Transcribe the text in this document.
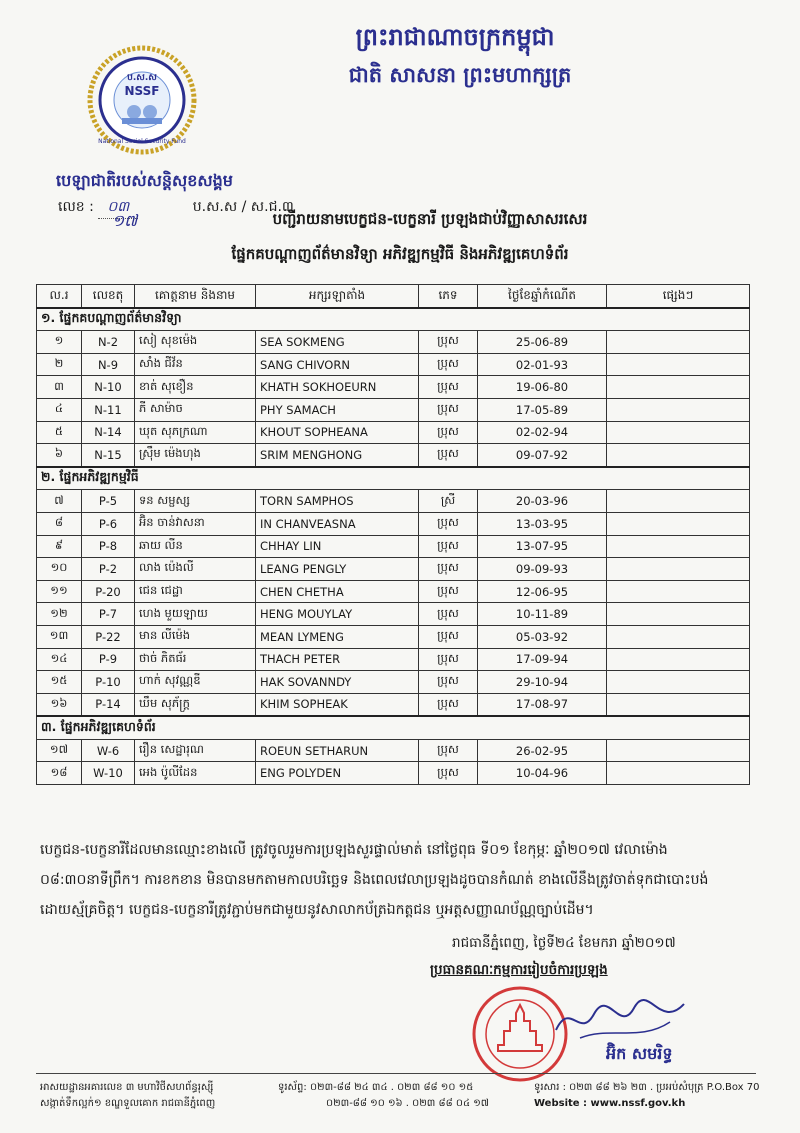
ព្រះរាជាណាចក្រកម្ពុជា
ជាតិ សាសនា ព្រះមហាក្សត្រ
ប.ស.ស
NSSF
National Social Security Fund
បេឡាជាតិរបស់សន្តិសុខសង្គម
លេខ : ០៣	ប.ស.ស / ស.ជ.៣
១៧	បញ្ជីរាយនាមបេក្ខជន-បេក្ខនារី ប្រឡងជាប់វិញ្ញាសាសរសេរ
ផ្នែកគបណ្តាញព័ត៌មានវិទ្យា អភិវឌ្ឍកម្មវិធី និងអភិវឌ្ឍគេហទំព័រ
ល.រ	លេខតុ	គោត្តនាម និងនាម	អក្សរឡាតាំង	ភេទ	ថ្ងៃខែឆ្នាំកំណើត	ផ្សេងៗ
១. ផ្នែកគបណ្តាញព័ត៌មានវិទ្យា						
១	N-2	សៀ សុខម៉េង	SEA SOKMENG	ប្រុស	25-06-89	
២	N-9	សាំង ជីវ័ន	SANG CHIVORN	ប្រុស	02-01-93	
៣	N-10	ខាត់ សុខឿន	KHATH SOKHOEURN	ប្រុស	19-06-80	
៤	N-11	ភី សាម៉ាច	PHY SAMACH	ប្រុស	17-05-89	
៥	N-14	ឃុត សុភក្រណា	KHOUT SOPHEANA	ប្រុស	02-02-94	
៦	N-15	ស្រ៊ឹម ម៉េងហុង	SRIM MENGHONG	ប្រុស	09-07-92	
២. ផ្នែកអភិវឌ្ឍកម្មវិធី						
៧	P-5	ទន សម្ផស្ស	TORN SAMPHOS	ស្រី	20-03-96	
៨	P-6	អ៊ិន ចាន់វាសនា	IN CHANVEASNA	ប្រុស	13-03-95	
៩	P-8	ឆាយ លីន	CHHAY LIN	ប្រុស	13-07-95	
១០	P-2	លាង ប៉េងលី	LEANG PENGLY	ប្រុស	09-09-93	
១១	P-20	ជេន ជេដ្ឋា	CHEN CHETHA	ប្រុស	12-06-95	
១២	P-7	ហេង មួយឡាយ	HENG MOUYLAY	ប្រុស	10-11-89	
១៣	P-22	មាន លីម៉េង	MEAN LYMENG	ប្រុស	05-03-92	
១៤	P-9	ថាច់ ភិតធ័រ	THACH PETER	ប្រុស	17-09-94	
១៥	P-10	ហាក់ សុវណ្ណឌី	HAK SOVANNDY	ប្រុស	29-10-94	
១៦	P-14	ឃឹម សុភ័ក្រ្ត	KHIM SOPHEAK	ប្រុស	17-08-97	
៣. ផ្នែកអភិវឌ្ឍគេហទំព័រ						
១៧	W-6	រឿន សេដ្ឋារុណ	ROEUN SETHARUN	ប្រុស	26-02-95	
១៨	W-10	អេង ប៉ូលីដែន	ENG POLYDEN	ប្រុស	10-04-96	
បេក្ខជន-បេក្ខនារីដែលមានឈ្មោះខាងលើ ត្រូវចូលរួមការប្រឡងសួរផ្ទាល់មាត់ នៅថ្ងៃពុធ ទី០១ ខែកុម្ភៈ ឆ្នាំ២០១៧ វេលាម៉ោង
០៨:៣០នាទីព្រឹក។ ការខកខាន មិនបានមកតាមកាលបរិច្ឆេទ និងពេលវេលាប្រឡងដូចបានកំណត់ ខាងលើនឹងត្រូវចាត់ទុកជាបោះបង់
ដោយស្ម័គ្រចិត្ត។ បេក្ខជន-បេក្ខនារីត្រូវភ្ជាប់មកជាមួយនូវសាលាកប័ត្រឯកត្តជន ឬអត្តសញ្ញាណប័ណ្ណច្បាប់ដើម។
រាជធានីភ្នំពេញ, ថ្ងៃទី២៤ ខែមករា ឆ្នាំ២០១៧
ប្រធានគណៈកម្មការរៀបចំការប្រឡង
អ៊ិក សមរិទ្ធ
អាសយដ្ឋានអគារលេខ ៣ មហាវិថីសហព័ន្ធរុស្ស៊ី
សង្កាត់ទឹកល្អក់១ ខណ្ឌទួលគោក រាជធានីភ្នំពេញ
ទូរស័ព្ទ: ០២៣-៨៨ ២៤ ៣៤ . ០២៣ ៨៨ ១០ ១៥
០២៣-៨៨ ១០ ១៦ . ០២៣ ៨៨ ០៤ ១៧
ទូរសារ : ០២៣ ៨៨ ២៦ ២៣ . ប្រអប់សំបុត្រ P.O.Box 70
Website : www.nssf.gov.kh
